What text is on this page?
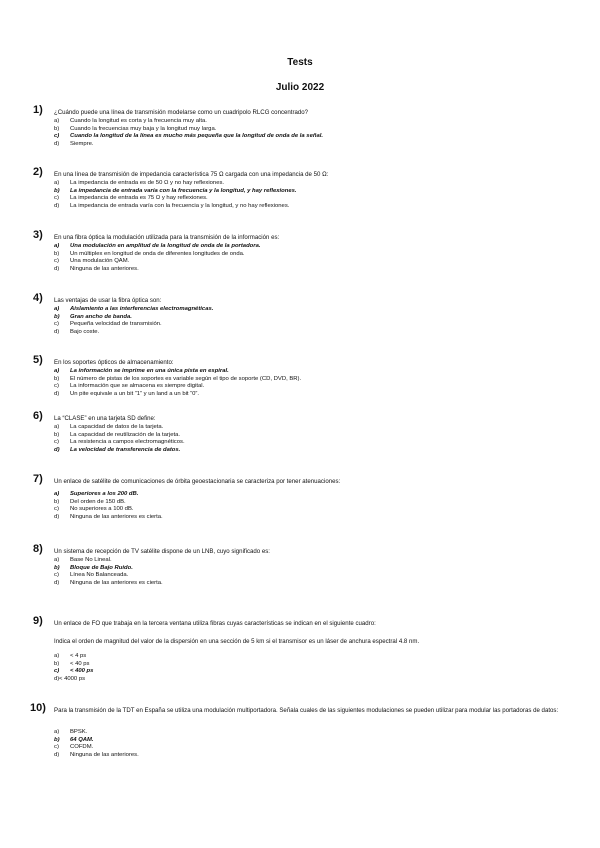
Tests
Julio 2022
1) ¿Cuándo puede una línea de transmisión modelarse como un cuadripolo RLCG concentrado?
a) Cuando la longitud es corta y la frecuencia muy alta.
b) Cuando la frecuencias muy baja y la longitud muy larga.
c) Cuando la longitud de la línea es mucho más pequeña que la longitud de onda de la señal.
d) Siempre.
2) En una línea de transmisión de impedancia característica 75 Ω cargada con una impedancia de 50 Ω:
a) La impedancia de entrada es de 50 Ω y no hay reflexiones.
b) La impedancia de entrada varía con la frecuencia y la longitud, y hay reflexiones.
c) La impedancia de entrada es 75 Ω y hay reflexiones.
d) La impedancia de entrada varía con la frecuencia y la longitud, y no hay reflexiones.
3) En una fibra óptica la modulación utilizada para la transmisión de la información es:
a) Una modulación en amplitud de la longitud de onda de la portadora.
b) Un múltiplex en longitud de onda de diferentes longitudes de onda.
c) Una modulación QAM.
d) Ninguna de las anteriores.
4) Las ventajas de usar la fibra óptica son:
a) Aislamiento a las interferencias electromagnéticas.
b) Gran ancho de banda.
c) Pequeña velocidad de transmisión.
d) Bajo coste.
5) En los soportes ópticos de almacenamiento:
a) La información se imprime en una única pista en espiral.
b) El número de pistas de los soportes es variable según el tipo de soporte (CD, DVD, BR).
c) La información que se almacena es siempre digital.
d) Un pite equivale a un bit “1” y un land a un bit “0”.
6) La “CLASE” en una tarjeta SD define:
a) La capacidad de datos de la tarjeta.
b) La capacidad de reutilización de la tarjeta.
c) La resistencia a campos electromagnéticos.
d) La velocidad de transferencia de datos.
7) Un enlace de satélite de comunicaciones de órbita geoestacionaria se caracteriza por tener atenuaciones:
a) Superiores a los 200 dB.
b) Del orden de 150 dB.
c) No superiores a 100 dB.
d) Ninguna de las anteriores es cierta.
8) Un sistema de recepción de TV satélite dispone de un LNB, cuyo significado es:
a) Base No Lineal.
b) Bloque de Bajo Ruido.
c) Línea No Balanceada.
d) Ninguna de las anteriores es cierta.
9) Un enlace de FO que trabaja en la tercera ventana utiliza fibras cuyas características se indican en el siguiente cuadro:
Indica el orden de magnitud del valor de la dispersión en una sección de 5 km si el transmisor es un láser de anchura espectral 4.8 nm.
a) < 4 ps
b) < 40 ps
c) < 400 ps
d)< 4000 ps
10) Para la transmisión de la TDT en España se utiliza una modulación multiportadora. Señala cuales de las siguientes modulaciones se pueden utilizar para modular las portadoras de datos:
a) BPSK.
b) 64 QAM.
c) COFDM.
d) Ninguna de las anteriores.
